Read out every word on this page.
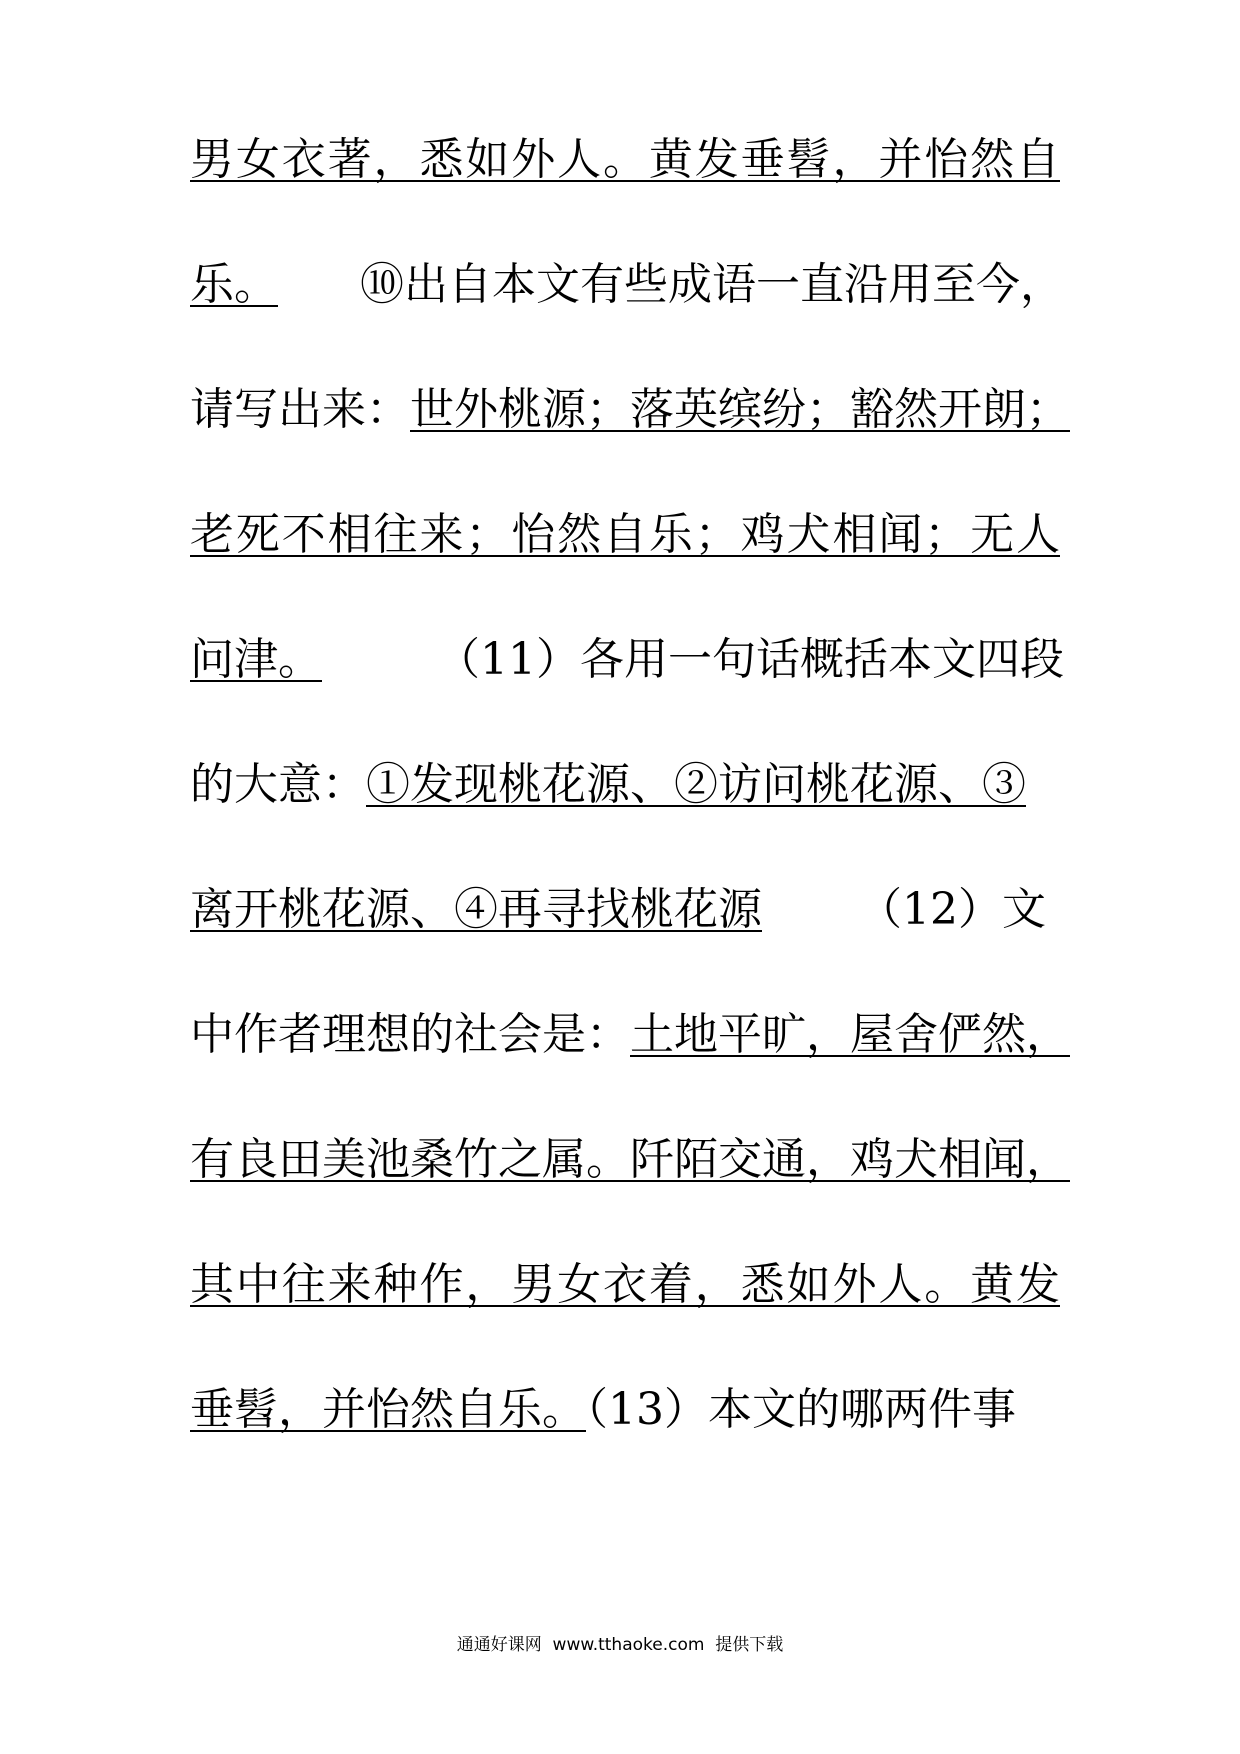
男女衣著，悉如外人。黄发垂髫，并怡然自
乐。 ⑩出自本文有些成语一直沿用至今，
请写出来：世外桃源；落英缤纷；豁然开朗；
老死不相往来；怡然自乐；鸡犬相闻；无人
问津。	（11）各用一句话概括本文四段
的大意：①发现桃花源、②访问桃花源、③
离开桃花源、④再寻找桃花源 （12）文
中作者理想的社会是：土地平旷，屋舍俨然，
有良田美池桑竹之属。阡陌交通，鸡犬相闻，
其中往来种作，男女衣着，悉如外人。黄发
垂髫，并怡然自乐。（13）本文的哪两件事
通通好课网  www.tthaoke.com  提供下载
